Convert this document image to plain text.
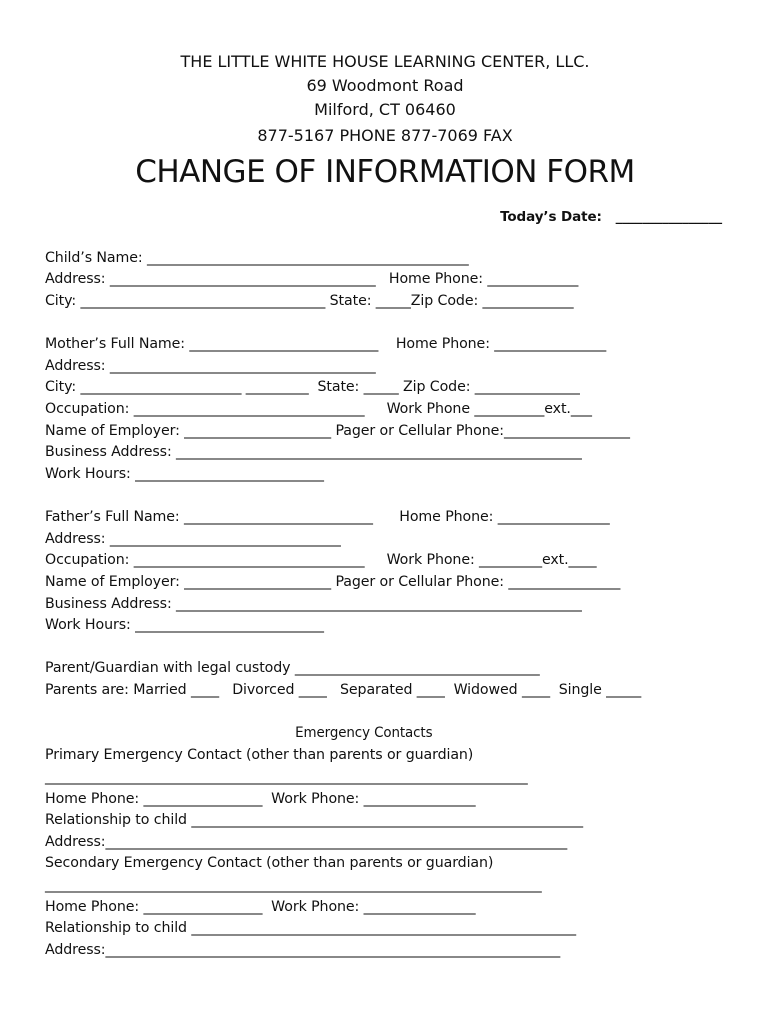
THE LITTLE WHITE HOUSE LEARNING CENTER, LLC.
69 Woodmont Road
Milford, CT 06460
877-5167 PHONE 877-7069 FAX
CHANGE OF INFORMATION FORM
Today’s Date:   ________________
Child’s Name: ______________________________________________
Address: ______________________________________   Home Phone: _____________
City: ___________________________________ State: _____Zip Code: _____________
Mother’s Full Name: ___________________________    Home Phone: ________________
Address: ______________________________________
City: _______________________ _________  State: _____ Zip Code: _______________
Occupation: _________________________________     Work Phone __________ext.___
Name of Employer: _____________________ Pager or Cellular Phone:__________________
Business Address: __________________________________________________________
Work Hours: ___________________________
Father’s Full Name: ___________________________      Home Phone: ________________
Address: _________________________________
Occupation: _________________________________     Work Phone: _________ext.____
Name of Employer: _____________________ Pager or Cellular Phone: ________________
Business Address: __________________________________________________________
Work Hours: ___________________________
Parent/Guardian with legal custody ___________________________________
Parents are: Married ____   Divorced ____   Separated ____  Widowed ____  Single _____
Emergency Contacts
Primary Emergency Contact (other than parents or guardian)
_____________________________________________________________________
Home Phone: _________________  Work Phone: ________________
Relationship to child ________________________________________________________
Address:__________________________________________________________________
Secondary Emergency Contact (other than parents or guardian)
_______________________________________________________________________
Home Phone: _________________  Work Phone: ________________
Relationship to child _______________________________________________________
Address:_________________________________________________________________
